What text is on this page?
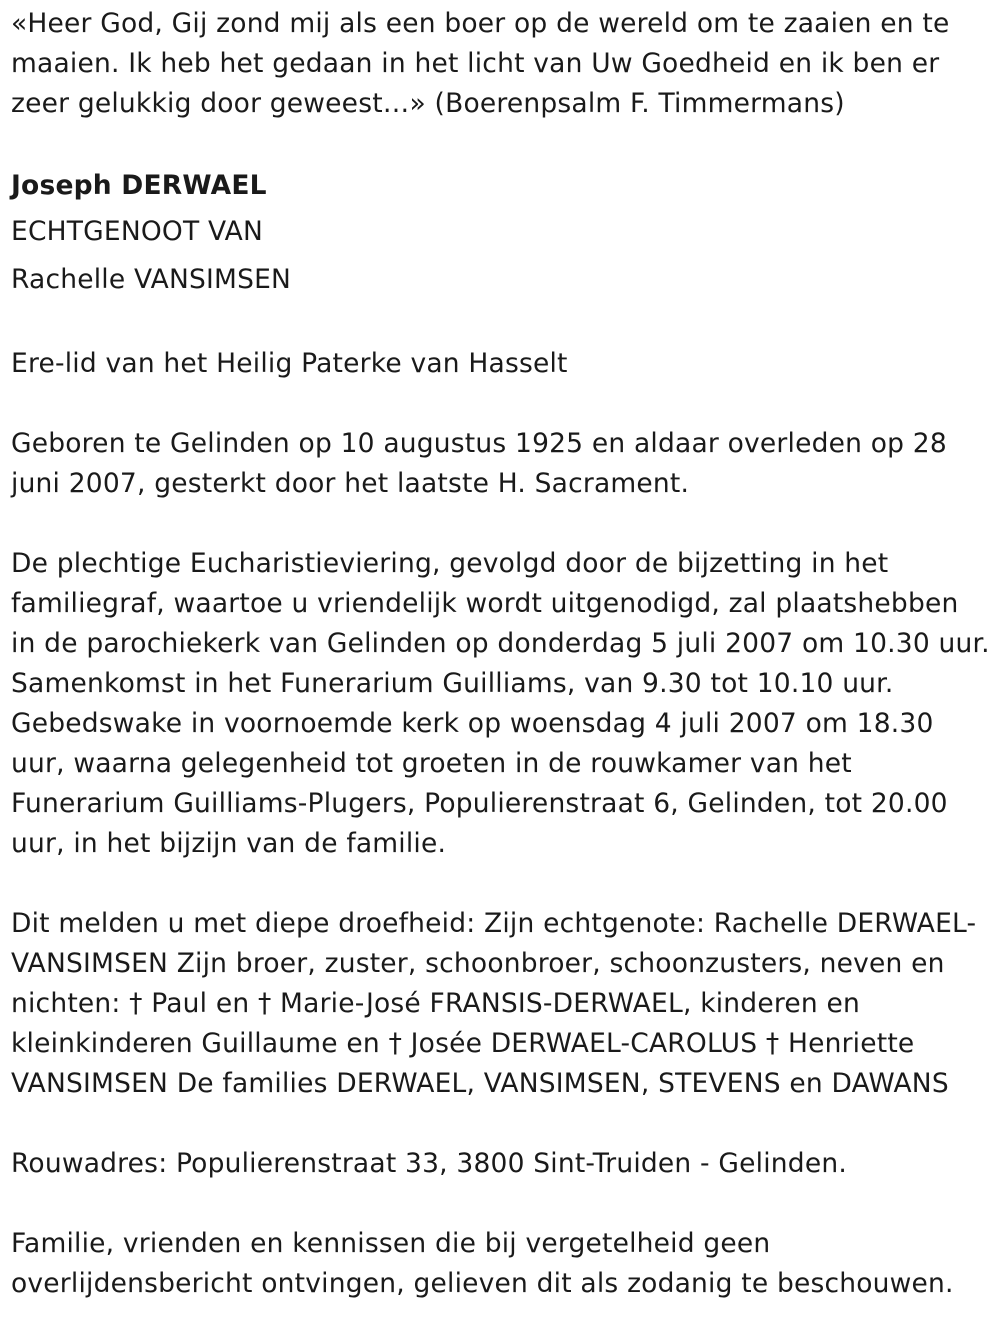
«Heer God, Gij zond mij als een boer op de wereld om te zaaien en te maaien. Ik heb het gedaan in het licht van Uw Goedheid en ik ben er zeer gelukkig door geweest…» (Boerenpsalm F. Timmermans)

Joseph DERWAEL

ECHTGENOOT VAN

Rachelle VANSIMSEN

Ere-lid van het Heilig Paterke van Hasselt

Geboren te Gelinden op 10 augustus 1925 en aldaar overleden op 28 juni 2007, gesterkt door het laatste H. Sacrament.

De plechtige Eucharistieviering, gevolgd door de bijzetting in het familiegraf, waartoe u vriendelijk wordt uitgenodigd, zal plaatshebben in de parochiekerk van Gelinden op donderdag 5 juli 2007 om 10.30 uur. Samenkomst in het Funerarium Guilliams, van 9.30 tot 10.10 uur. Gebedswake in voornoemde kerk op woensdag 4 juli 2007 om 18.30 uur, waarna gelegenheid tot groeten in de rouwkamer van het Funerarium Guilliams-Plugers, Populierenstraat 6, Gelinden, tot 20.00 uur, in het bijzijn van de familie.

Dit melden u met diepe droefheid: Zijn echtgenote: Rachelle DERWAEL-VANSIMSEN Zijn broer, zuster, schoonbroer, schoonzusters, neven en nichten: † Paul en † Marie-José FRANSIS-DERWAEL, kinderen en kleinkinderen Guillaume en † Josée DERWAEL-CAROLUS † Henriette VANSIMSEN De families DERWAEL, VANSIMSEN, STEVENS en DAWANS

Rouwadres: Populierenstraat 33, 3800 Sint-Truiden - Gelinden.

Familie, vrienden en kennissen die bij vergetelheid geen overlijdensbericht ontvingen, gelieven dit als zodanig te beschouwen.
